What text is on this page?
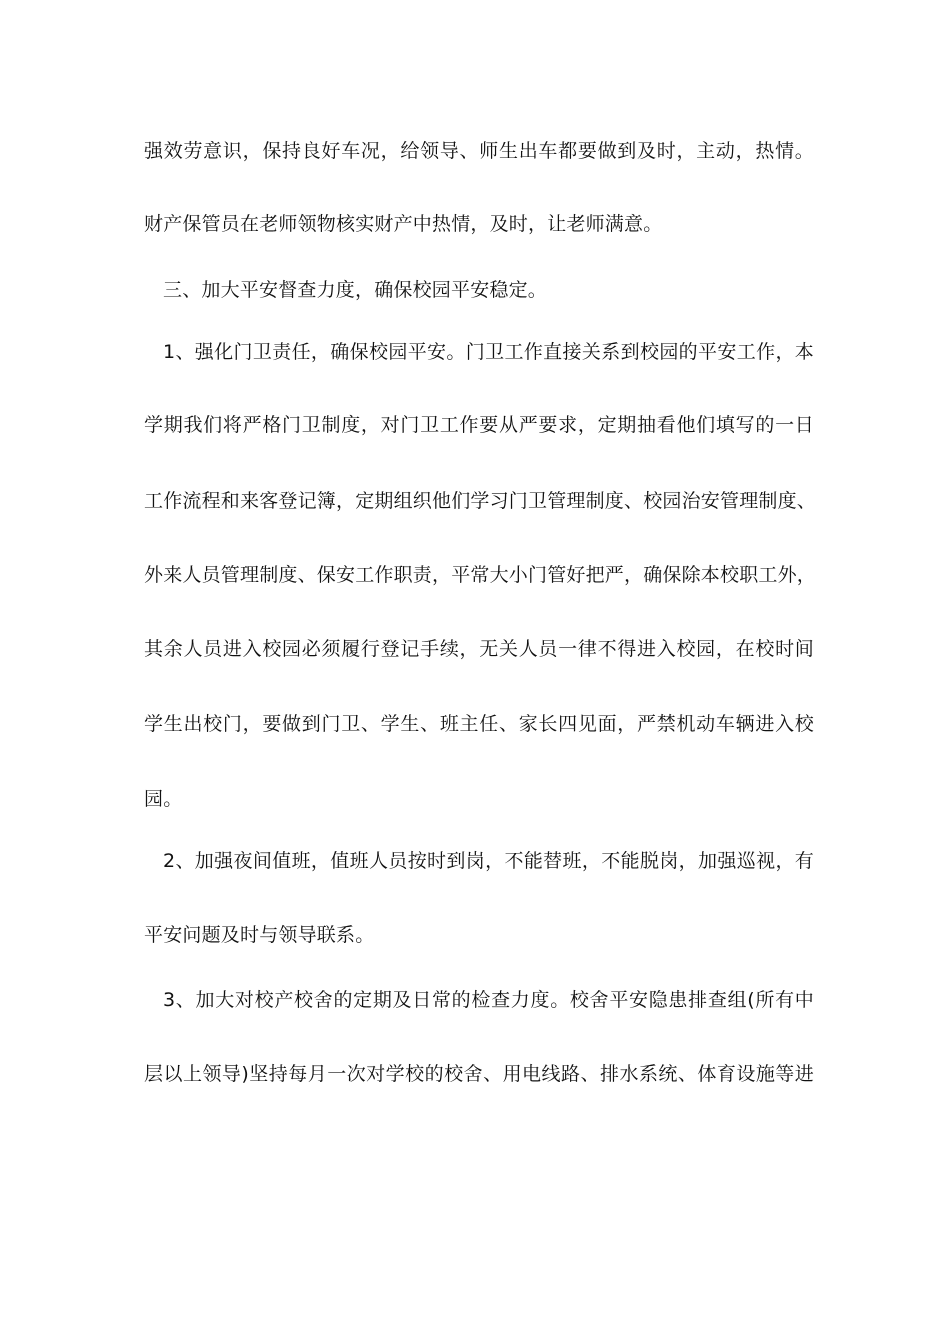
强效劳意识，保持良好车况，给领导、师生出车都要做到及时，主动，热情。
财产保管员在老师领物核实财产中热情，及时，让老师满意。
三、加大平安督查力度，确保校园平安稳定。
1、强化门卫责任，确保校园平安。门卫工作直接关系到校园的平安工作，本
学期我们将严格门卫制度，对门卫工作要从严要求，定期抽看他们填写的一日
工作流程和来客登记簿，定期组织他们学习门卫管理制度、校园治安管理制度、
外来人员管理制度、保安工作职责，平常大小门管好把严，确保除本校职工外，
其余人员进入校园必须履行登记手续，无关人员一律不得进入校园，在校时间
学生出校门，要做到门卫、学生、班主任、家长四见面，严禁机动车辆进入校
园。
2、加强夜间值班，值班人员按时到岗，不能替班，不能脱岗，加强巡视，有
平安问题及时与领导联系。
3、加大对校产校舍的定期及日常的检查力度。校舍平安隐患排查组(所有中
层以上领导)坚持每月一次对学校的校舍、用电线路、排水系统、体育设施等进
